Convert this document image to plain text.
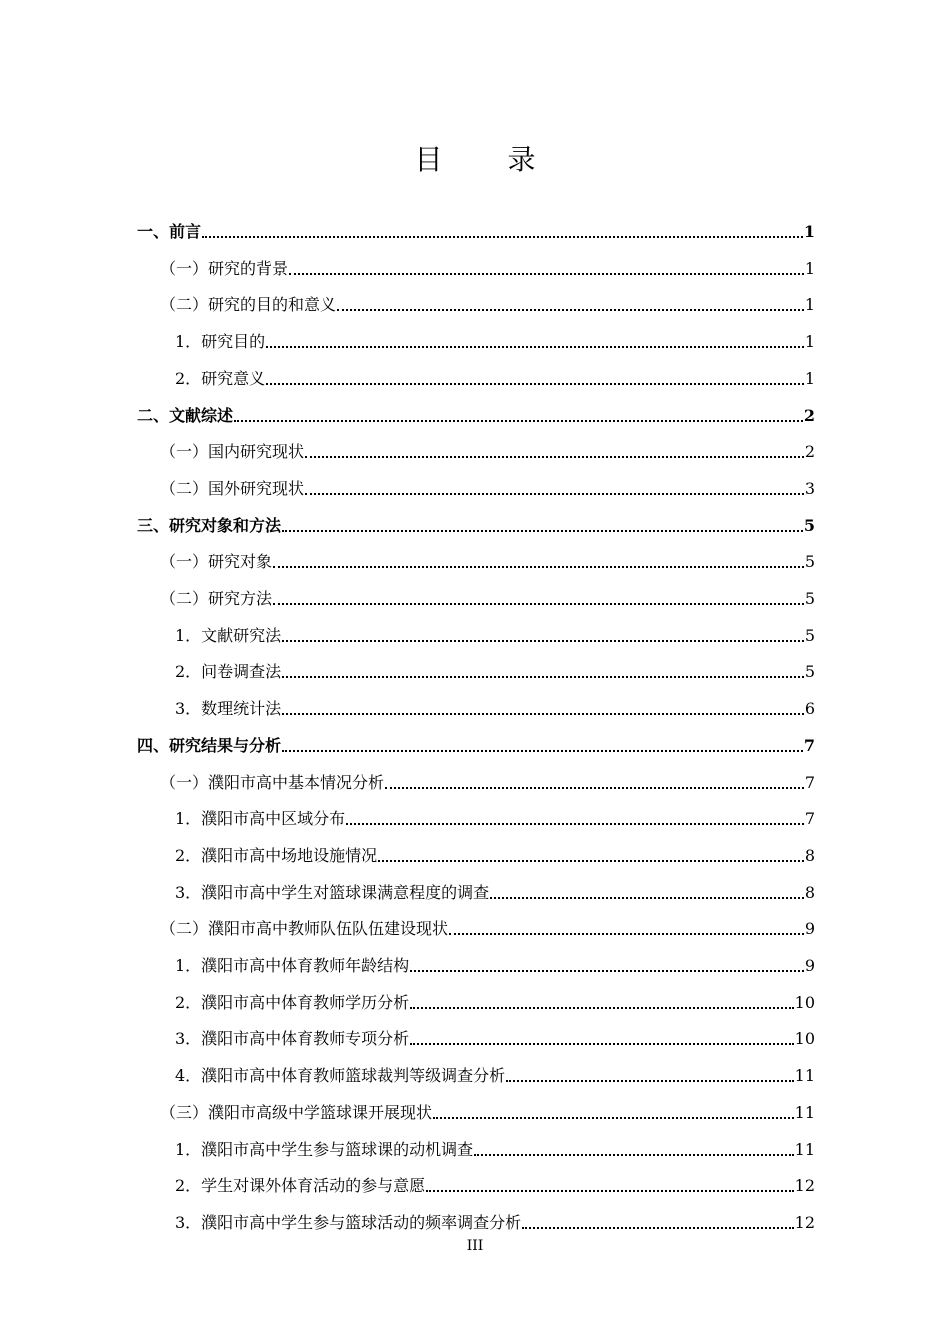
目 录
一、前言	1
（一）研究的背景	1
（二）研究的目的和意义	1
1．研究目的	1
2．研究意义	1
二、文献综述	2
（一）国内研究现状	2
（二）国外研究现状	3
三、研究对象和方法	5
（一）研究对象	5
（二）研究方法	5
1．文献研究法	5
2．问卷调查法	5
3．数理统计法	6
四、研究结果与分析	7
（一）濮阳市高中基本情况分析	7
1．濮阳市高中区域分布	7
2．濮阳市高中场地设施情况	8
3．濮阳市高中学生对篮球课满意程度的调查	8
（二）濮阳市高中教师队伍队伍建设现状	9
1．濮阳市高中体育教师年龄结构	9
2．濮阳市高中体育教师学历分析	10
3．濮阳市高中体育教师专项分析	10
4．濮阳市高中体育教师篮球裁判等级调查分析	11
（三）濮阳市高级中学篮球课开展现状	11
1．濮阳市高中学生参与篮球课的动机调查	11
2．学生对课外体育活动的参与意愿	12
3．濮阳市高中学生参与篮球活动的频率调查分析	12
III
